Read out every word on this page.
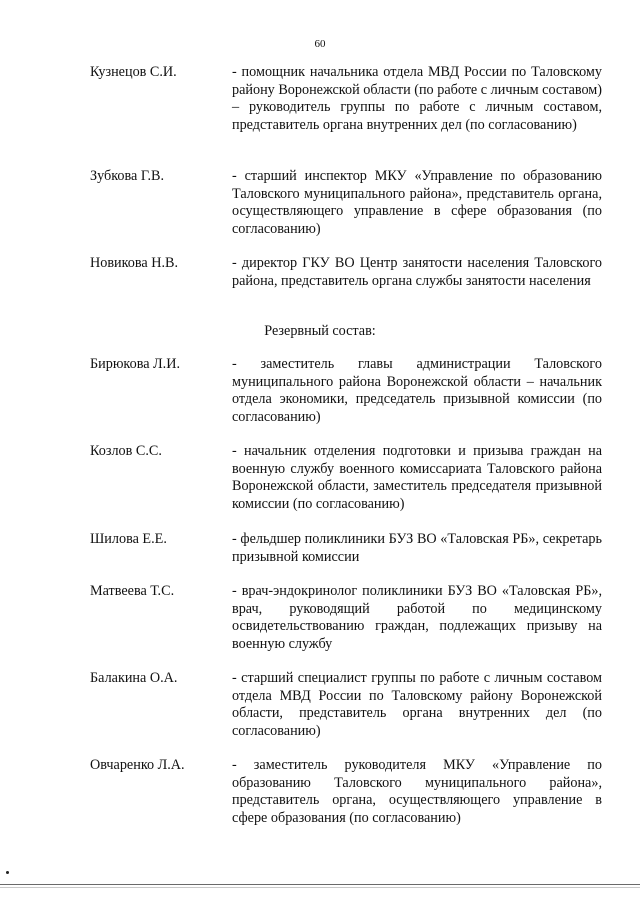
60
Кузнецов С.И.	- помощник начальника отдела МВД России по Таловскому району Воронежской области (по работе с личным составом) – руководитель группы по работе с личным составом, представитель органа внутренних дел (по согласованию)
Зубкова Г.В.	- старший инспектор МКУ «Управление по образованию Таловского муниципального района», представитель органа, осуществляющего управление в сфере образования (по согласованию)
Новикова Н.В.	- директор ГКУ ВО Центр занятости населения Таловского района, представитель органа службы занятости населения
Резервный состав:
Бирюкова Л.И.	- заместитель главы администрации Таловского муниципального района Воронежской области – начальник отдела экономики, председатель призывной комиссии (по согласованию)
Козлов С.С.	- начальник отделения подготовки и призыва граждан на военную службу военного комиссариата Таловского района Воронежской области, заместитель председателя призывной комиссии (по согласованию)
Шилова Е.Е.	- фельдшер поликлиники БУЗ ВО «Таловская РБ», секретарь призывной комиссии
Матвеева Т.С.	- врач-эндокринолог поликлиники БУЗ ВО «Таловская РБ», врач, руководящий работой по медицинскому освидетельствованию граждан, подлежащих призыву на военную службу
Балакина О.А.	- старший специалист группы по работе с личным составом отдела МВД России по Таловскому району Воронежской области, представитель органа внутренних дел (по согласованию)
Овчаренко Л.А.	- заместитель руководителя МКУ «Управление по образованию Таловского муниципального района», представитель органа, осуществляющего управление в сфере образования (по согласованию)
